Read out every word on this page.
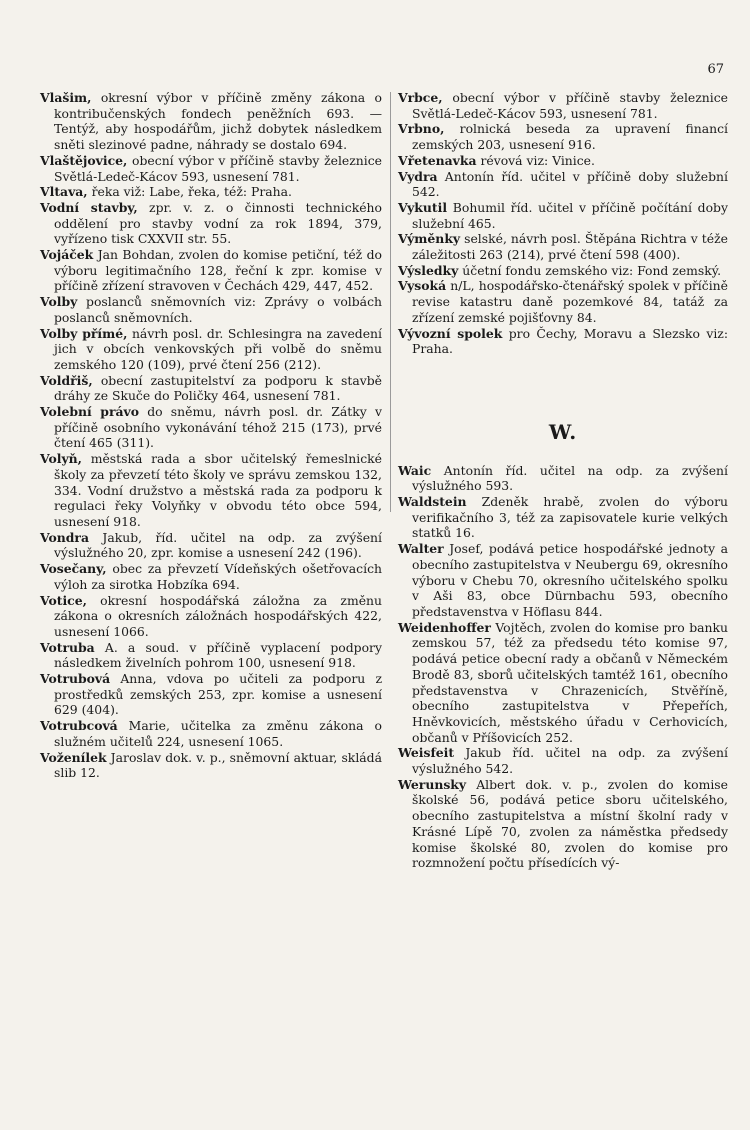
67

Vlašim, okresní výbor v příčině změny zákona o kontribučenských fondech peněžních 693. — Tentýž, aby hospodářům, jichž dobytek následkem sněti slezinové padne, náhrady se dostalo 694.

Vlaštějovice, obecní výbor v příčině stavby železnice Světlá-Ledeč-Kácov 593, usnesení 781.

Vltava, řeka viž: Labe, řeka, též: Praha.

Vodní stavby, zpr. v. z. o činnosti technického oddělení pro stavby vodní za rok 1894, 379, vyřízeno tisk CXXVII str. 55.

Vojáček Jan Bohdan, zvolen do komise petiční, též do výboru legitimačního 128, řeční k zpr. komise v příčině zřízení stravoven v Čechách 429, 447, 452.

Volby poslanců sněmovních viz: Zprávy o volbách poslanců sněmovních.

Volby přímé, návrh posl. dr. Schlesingra na zavedení jich v obcích venkovských při volbě do sněmu zemského 120 (109), prvé čtení 256 (212).

Voldřiš, obecní zastupitelství za podporu k stavbě dráhy ze Skuče do Poličky 464, usnesení 781.

Volební právo do sněmu, návrh posl. dr. Zátky v příčině osobního vykonávání téhož 215 (173), prvé čtení 465 (311).

Volyň, městská rada a sbor učitelský řemeslnické školy za převzetí této školy ve správu zemskou 132, 334. Vodní družstvo a městská rada za podporu k regulaci řeky Volyňky v obvodu této obce 594, usnesení 918.

Vondra Jakub, říd. učitel na odp. za zvýšení výslužného 20, zpr. komise a usnesení 242 (196).

Vosečany, obec za převzetí Vídeňských ošetřovacích výloh za sirotka Hobzíka 694.

Votice, okresní hospodářská záložna za změnu zákona o okresních záložnách hospodářských 422, usnesení 1066.

Votruba A. a soud. v příčině vyplacení podpory následkem živelních pohrom 100, usnesení 918.

Votrubová Anna, vdova po učiteli za podporu z prostředků zemských 253, zpr. komise a usnesení 629 (404).

Votrubcová Marie, učitelka za změnu zákona o služném učitelů 224, usnesení 1065.

Voženílek Jaroslav dok. v. p., sněmovní aktuar, skládá slib 12.

Vrbce, obecní výbor v příčině stavby železnice Světlá-Ledeč-Kácov 593, usnesení 781.

Vrbno, rolnická beseda za upravení financí zemských 203, usnesení 916.

Vřetenavka révová viz: Vinice.

Vydra Antonín říd. učitel v příčině doby služební 542.

Vykutil Bohumil říd. učitel v příčině počítání doby služební 465.

Výměnky selské, návrh posl. Štěpána Richtra v téže záležitosti 263 (214), prvé čtení 598 (400).

Výsledky účetní fondu zemského viz: Fond zemský.

Vysoká n/L, hospodářsko-čtenářský spolek v příčině revise katastru daně pozemkové 84, tatáž za zřízení zemské pojišťovny 84.

Vývozní spolek pro Čechy, Moravu a Slezsko viz: Praha.

W.

Waic Antonín říd. učitel na odp. za zvýšení výslužného 593.

Waldstein Zdeněk hrabě, zvolen do výboru verifikačního 3, též za zapisovatele kurie velkých statků 16.

Walter Josef, podává petice hospodářské jednoty a obecního zastupitelstva v Neubergu 69, okresního výboru v Chebu 70, okresního učitelského spolku v Aši 83, obce Dürnbachu 593, obecního představenstva v Höflasu 844.

Weidenhoffer Vojtěch, zvolen do komise pro banku zemskou 57, též za předsedu této komise 97, podává petice obecní rady a občanů v Německém Brodě 83, sborů učitelských tamtéž 161, obecního představenstva v Chrazenicích, Stvěříně, obecního zastupitelstva v Přepeřích, Hněvkovicích, městského úřadu v Cerhovicích, občanů v Příšovicích 252.

Weisfeit Jakub říd. učitel na odp. za zvýšení výslužného 542.

Werunsky Albert dok. v. p., zvolen do komise školské 56, podává petice sboru učitelského, obecního zastupitelstva a místní školní rady v Krásné Lípě 70, zvolen za náměstka předsedy komise školské 80, zvolen do komise pro rozmnožení počtu přísedících vý-
